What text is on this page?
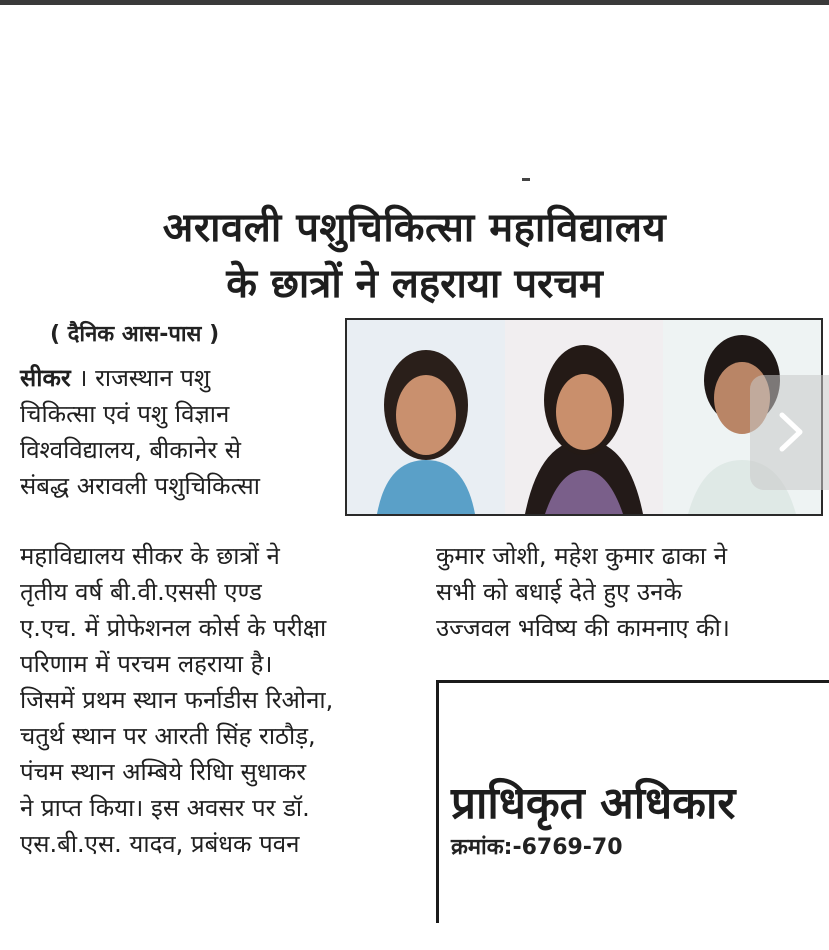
अरावली पशुचिकित्सा महाविद्यालय
के छात्रों ने लहराया परचम
( दैनिक आस-पास )
सीकर । राजस्थान पशु
चिकित्सा एवं पशु विज्ञान
विश्वविद्यालय, बीकानेर से
संबद्ध अरावली पशुचिकित्सा
महाविद्यालय सीकर के छात्रों ने
तृतीय वर्ष बी.वी.एससी एण्ड
ए.एच. में प्रोफेशनल कोर्स के परीक्षा
परिणाम में परचम लहराया है।
जिसमें प्रथम स्थान फर्नाडीस रिओना,
चतुर्थ स्थान पर आरती सिंह राठौड़,
पंचम स्थान अम्बिये रिधिा सुधाकर
ने प्राप्त किया। इस अवसर पर डॉ.
एस.बी.एस. यादव, प्रबंधक पवन
कुमार जोशी, महेश कुमार ढाका ने
सभी को बधाई देते हुए उनके
उज्जवल भविष्य की कामनाए की।
प्राधिकृत अधिकार
क्रमांक:-6769-70
